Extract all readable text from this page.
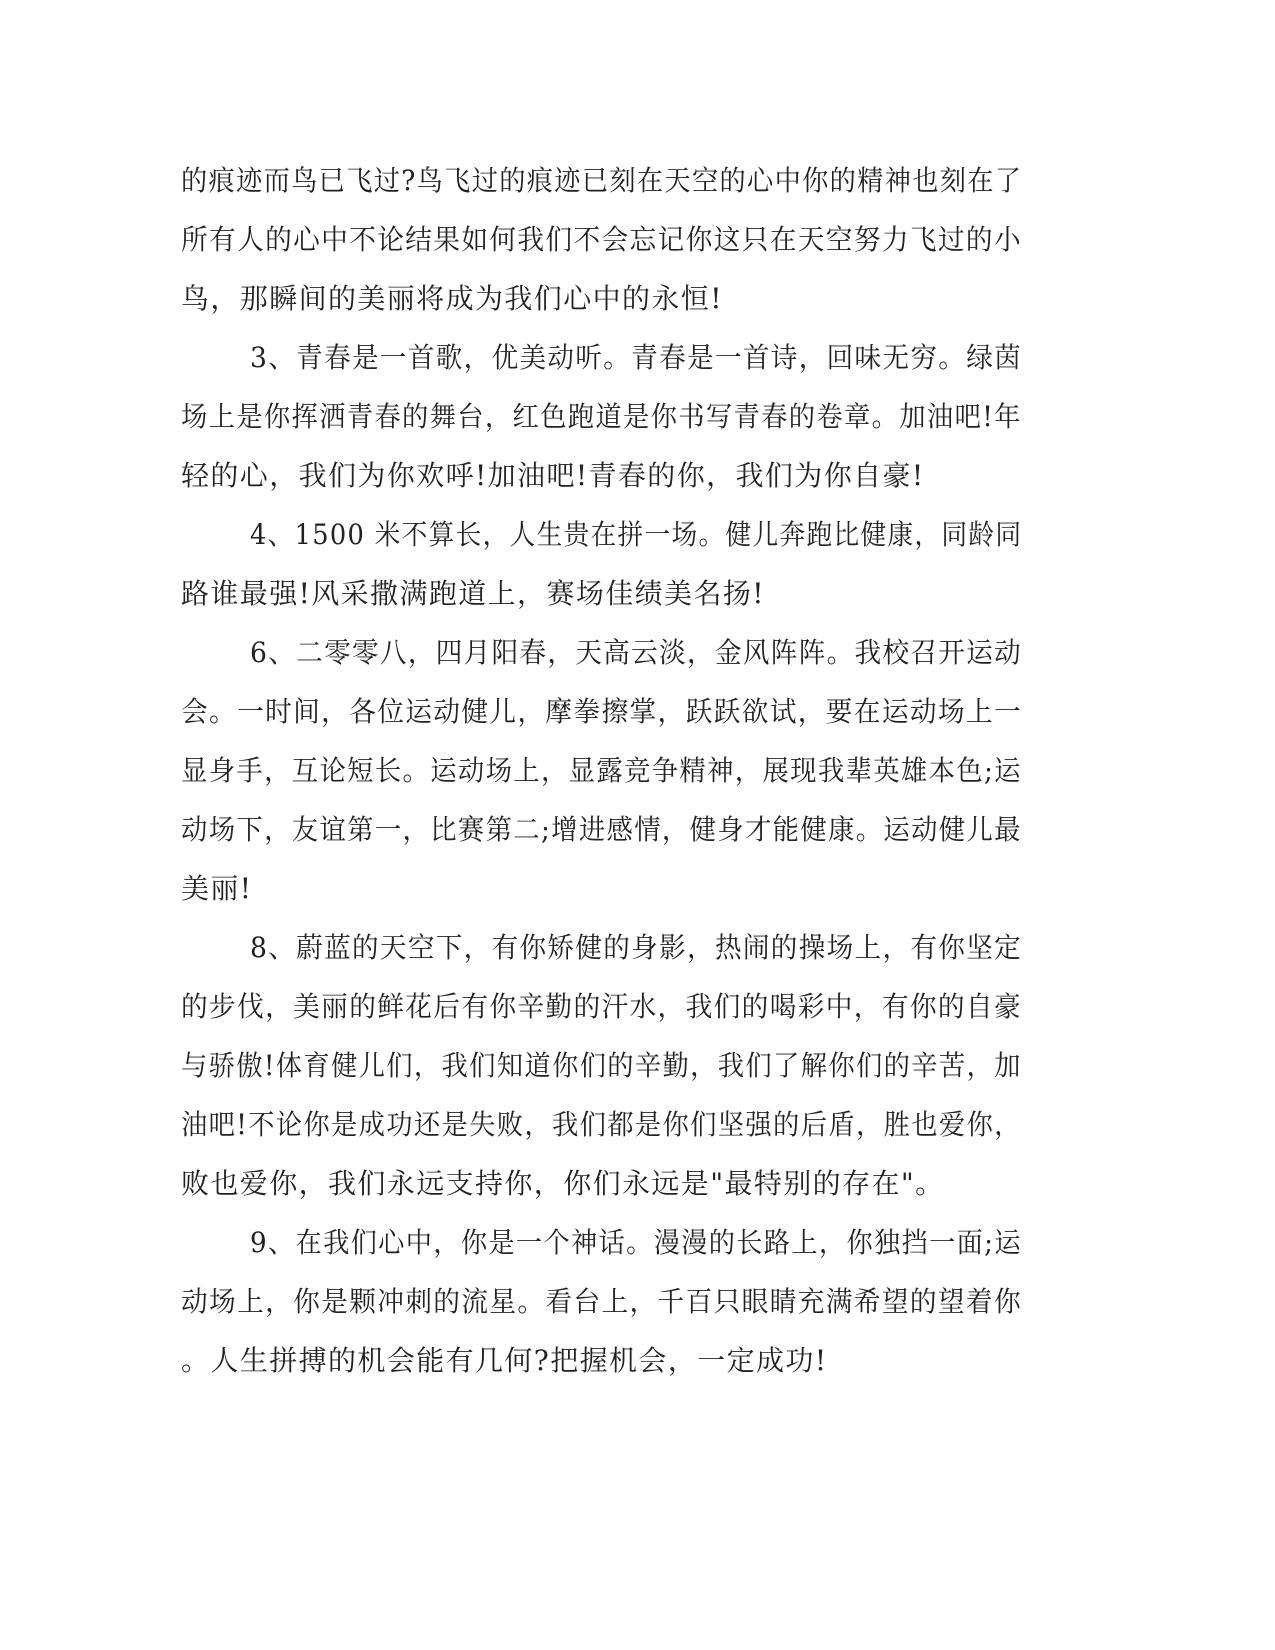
的痕迹而鸟已飞过?鸟飞过的痕迹已刻在天空的心中你的精神也刻在了
所有人的心中不论结果如何我们不会忘记你这只在天空努力飞过的小
鸟，那瞬间的美丽将成为我们心中的永恒!
3、青春是一首歌，优美动听。青春是一首诗，回味无穷。绿茵
场上是你挥洒青春的舞台，红色跑道是你书写青春的卷章。加油吧!年
轻的心，我们为你欢呼!加油吧!青春的你，我们为你自豪!
4、1500 米不算长，人生贵在拼一场。健儿奔跑比健康，同龄同
路谁最强!风采撒满跑道上，赛场佳绩美名扬!
6、二零零八，四月阳春，天高云淡，金风阵阵。我校召开运动
会。一时间，各位运动健儿，摩拳擦掌，跃跃欲试，要在运动场上一
显身手，互论短长。运动场上，显露竞争精神，展现我辈英雄本色;运
动场下，友谊第一，比赛第二;增进感情，健身才能健康。运动健儿最
美丽!
8、蔚蓝的天空下，有你矫健的身影，热闹的操场上，有你坚定
的步伐，美丽的鲜花后有你辛勤的汗水，我们的喝彩中，有你的自豪
与骄傲!体育健儿们，我们知道你们的辛勤，我们了解你们的辛苦，加
油吧!不论你是成功还是失败，我们都是你们坚强的后盾，胜也爱你，
败也爱你，我们永远支持你，你们永远是"最特别的存在"。
9、在我们心中，你是一个神话。漫漫的长路上，你独挡一面;运
动场上，你是颗冲刺的流星。看台上，千百只眼睛充满希望的望着你
。人生拼搏的机会能有几何?把握机会，一定成功!
